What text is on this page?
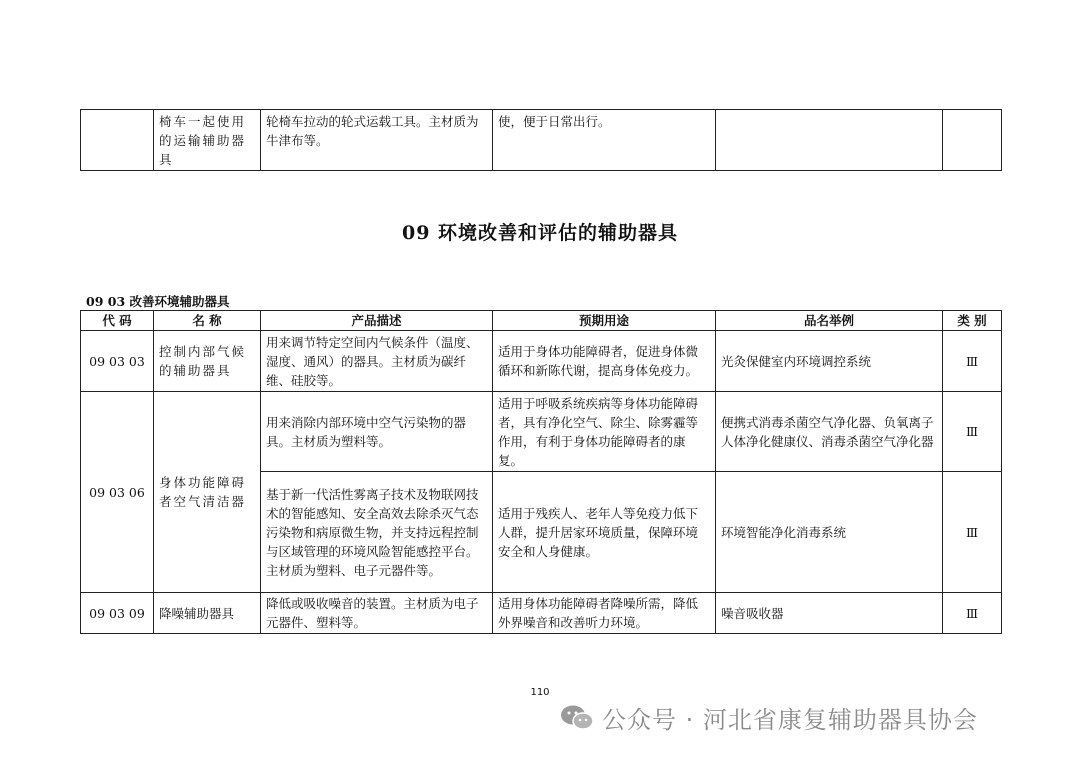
	椅车一起使用的运输辅助器具	轮椅车拉动的轮式运载工具。主材质为牛津布等。	使，便于日常出行。		
09 环境改善和评估的辅助器具
09 03 改善环境辅助器具
代 码	名 称	产品描述	预期用途	品名举例	类 别
09 03 03	控制内部气候的辅助器具	用来调节特定空间内气候条件（温度、湿度、通风）的器具。主材质为碳纤维、硅胶等。	适用于身体功能障碍者，促进身体微循环和新陈代谢，提高身体免疫力。	光灸保健室内环境调控系统	Ⅲ
09 03 06	身体功能障碍者空气清洁器	用来消除内部环境中空气污染物的器具。主材质为塑料等。	适用于呼吸系统疾病等身体功能障碍者，具有净化空气、除尘、除雾霾等作用，有利于身体功能障碍者的康复。	便携式消毒杀菌空气净化器、负氧离子人体净化健康仪、消毒杀菌空气净化器	Ⅲ
		基于新一代活性雾离子技术及物联网技术的智能感知、安全高效去除杀灭气态污染物和病原微生物，并支持远程控制与区域管理的环境风险智能感控平台。主材质为塑料、电子元器件等。	适用于残疾人、老年人等免疫力低下人群，提升居家环境质量，保障环境安全和人身健康。	环境智能净化消毒系统	Ⅲ
09 03 09	降噪辅助器具	降低或吸收噪音的装置。主材质为电子元器件、塑料等。	适用身体功能障碍者降噪所需，降低外界噪音和改善听力环境。	噪音吸收器	Ⅲ
110
公众号 · 河北省康复辅助器具协会
